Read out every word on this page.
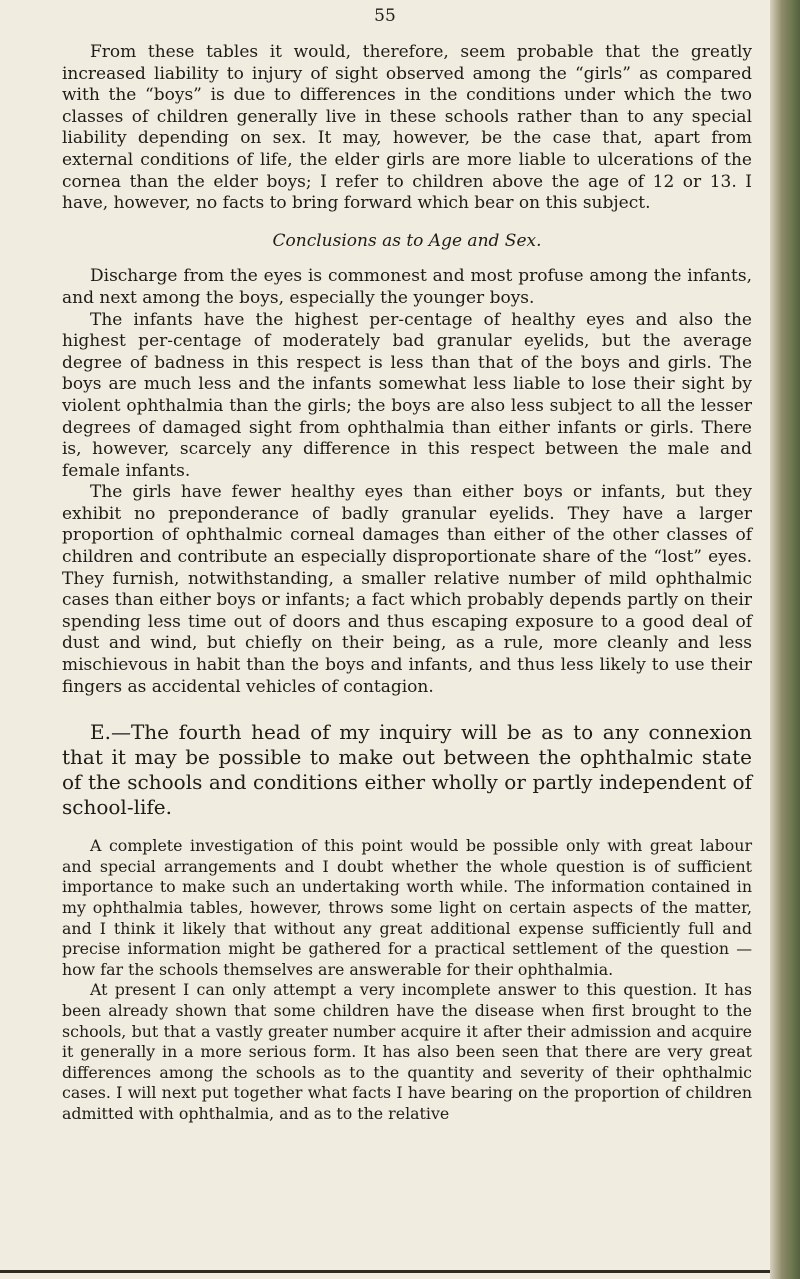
55

From these tables it would, therefore, seem probable that the greatly increased liability to injury of sight observed among the “girls” as compared with the “boys” is due to differences in the conditions under which the two classes of children generally live in these schools rather than to any special liability depending on sex. It may, however, be the case that, apart from external conditions of life, the elder girls are more liable to ulcerations of the cornea than the elder boys; I refer to children above the age of 12 or 13. I have, however, no facts to bring forward which bear on this subject.

Conclusions as to Age and Sex.

Discharge from the eyes is commonest and most profuse among the infants, and next among the boys, especially the younger boys.

The infants have the highest per-centage of healthy eyes and also the highest per-centage of moderately bad granular eyelids, but the average degree of badness in this respect is less than that of the boys and girls. The boys are much less and the infants somewhat less liable to lose their sight by violent ophthalmia than the girls; the boys are also less subject to all the lesser degrees of damaged sight from ophthalmia than either infants or girls. There is, however, scarcely any difference in this respect between the male and female infants.

The girls have fewer healthy eyes than either boys or infants, but they exhibit no preponderance of badly granular eyelids. They have a larger proportion of ophthalmic corneal damages than either of the other classes of children and contribute an especially disproportionate share of the “lost” eyes. They furnish, notwithstanding, a smaller relative number of mild ophthalmic cases than either boys or infants; a fact which probably depends partly on their spending less time out of doors and thus escaping exposure to a good deal of dust and wind, but chiefly on their being, as a rule, more cleanly and less mischievous in habit than the boys and infants, and thus less likely to use their fingers as accidental vehicles of contagion.

E.—The fourth head of my inquiry will be as to any connexion that it may be possible to make out between the ophthalmic state of the schools and conditions either wholly or partly independent of school-life.

A complete investigation of this point would be possible only with great labour and special arrangements and I doubt whether the whole question is of sufficient importance to make such an undertaking worth while. The information contained in my ophthalmia tables, however, throws some light on certain aspects of the matter, and I think it likely that without any great additional expense sufficiently full and precise information might be gathered for a practical settlement of the question —how far the schools themselves are answerable for their ophthalmia.

At present I can only attempt a very incomplete answer to this question. It has been already shown that some children have the disease when first brought to the schools, but that a vastly greater number acquire it after their admission and acquire it generally in a more serious form. It has also been seen that there are very great differences among the schools as to the quantity and severity of their ophthalmic cases. I will next put together what facts I have bearing on the proportion of children admitted with ophthalmia, and as to the relative
